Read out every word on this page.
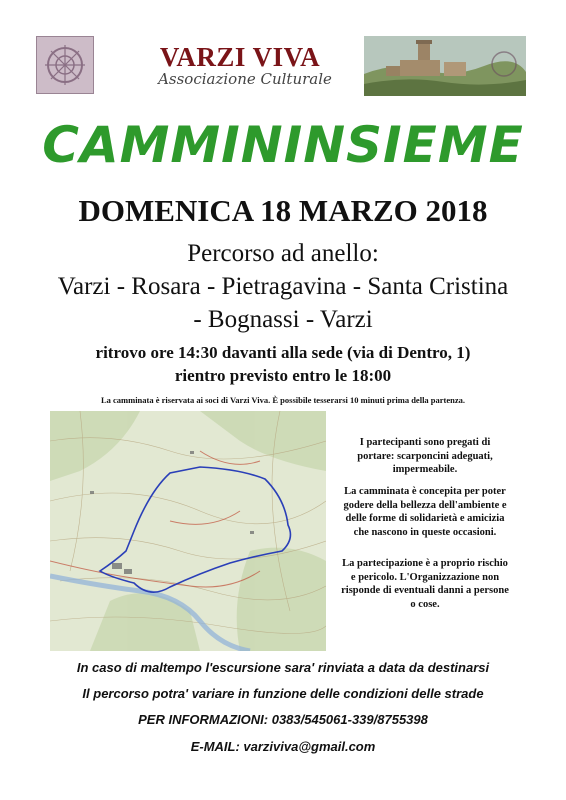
VARZI VIVA
Associazione Culturale
CAMMININSIEME
DOMENICA 18 MARZO 2018
Percorso ad anello:
Varzi - Rosara - Pietragavina - Santa Cristina
- Bognassi - Varzi
ritrovo ore 14:30 davanti alla sede (via di Dentro, 1)
rientro previsto entro le 18:00
La camminata è riservata ai soci di Varzi Viva. È possibile tesserarsi 10 minuti prima della partenza.
I partecipanti sono pregati di portare: scarponcini adeguati, impermeabile.
La camminata è concepita per poter godere della bellezza dell'ambiente e delle forme di solidarietà e amicizia che nascono in queste occasioni.
La partecipazione è a proprio rischio e pericolo. L'Organizzazione non risponde di eventuali danni a persone o cose.
In caso di maltempo l'escursione sara' rinviata a data da destinarsi
Il percorso potra' variare in funzione delle condizioni delle strade
PER INFORMAZIONI: 0383/545061-339/8755398
E-MAIL: varziviva@gmail.com
